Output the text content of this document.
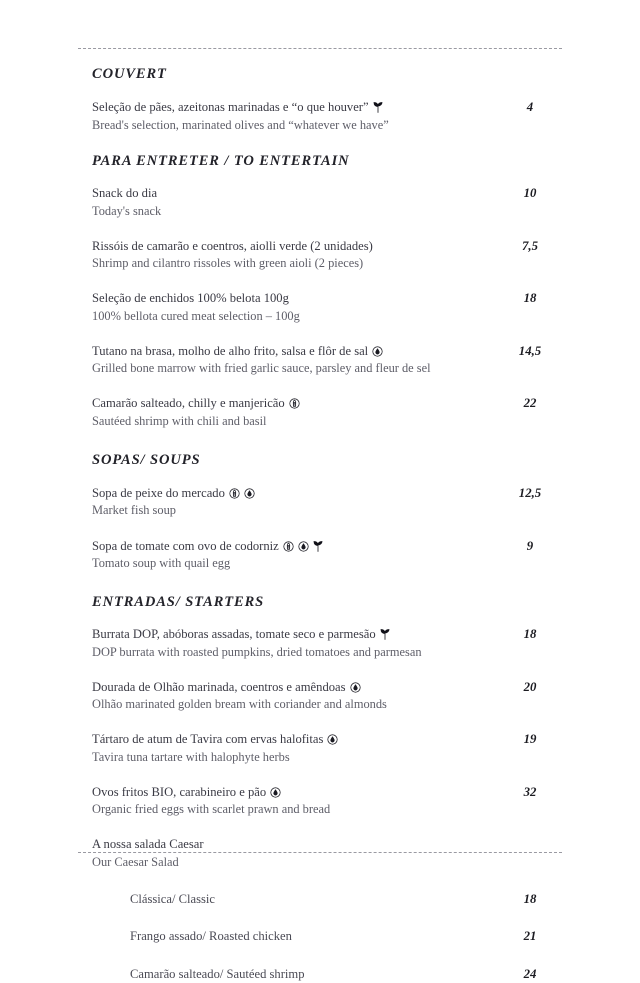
COUVERT
Seleção de pães, azeitonas marinadas e “o que houver”
Bread's selection, marinated olives and “whatever we have”
4
PARA ENTRETER / TO ENTERTAIN
Snack do dia
Today's snack
10
Rissóis de camarão e coentros, aiolli verde (2 unidades)
Shrimp and cilantro rissoles with green aioli (2 pieces)
7,5
Seleção de enchidos 100% belota 100g
100% bellota cured meat selection – 100g
18
Tutano na brasa, molho de alho frito, salsa e flôr de sal
Grilled bone marrow with fried garlic sauce, parsley and fleur de sel
14,5
Camarão salteado, chilly e manjericão
Sautéed shrimp with chili and basil
22
SOPAS/ SOUPS
Sopa de peixe do mercado
Market fish soup
12,5
Sopa de tomate com ovo de codorniz
Tomato soup with quail egg
9
ENTRADAS/ STARTERS
Burrata DOP, abóboras assadas, tomate seco e parmesão
DOP burrata with roasted pumpkins, dried tomatoes and parmesan
18
Dourada de Olhão marinada, coentros e amêndoas
Olhão marinated golden bream with coriander and almonds
20
Tártaro de atum de Tavira com ervas halofitas
Tavira tuna tartare with halophyte herbs
19
Ovos fritos BIO, carabineiro e pão
Organic fried eggs with scarlet prawn and bread
32
A nossa salada Caesar
Our Caesar Salad
Clássica/ Classic	18
Frango assado/ Roasted chicken	21
Camarão salteado/ Sautéed shrimp	24
